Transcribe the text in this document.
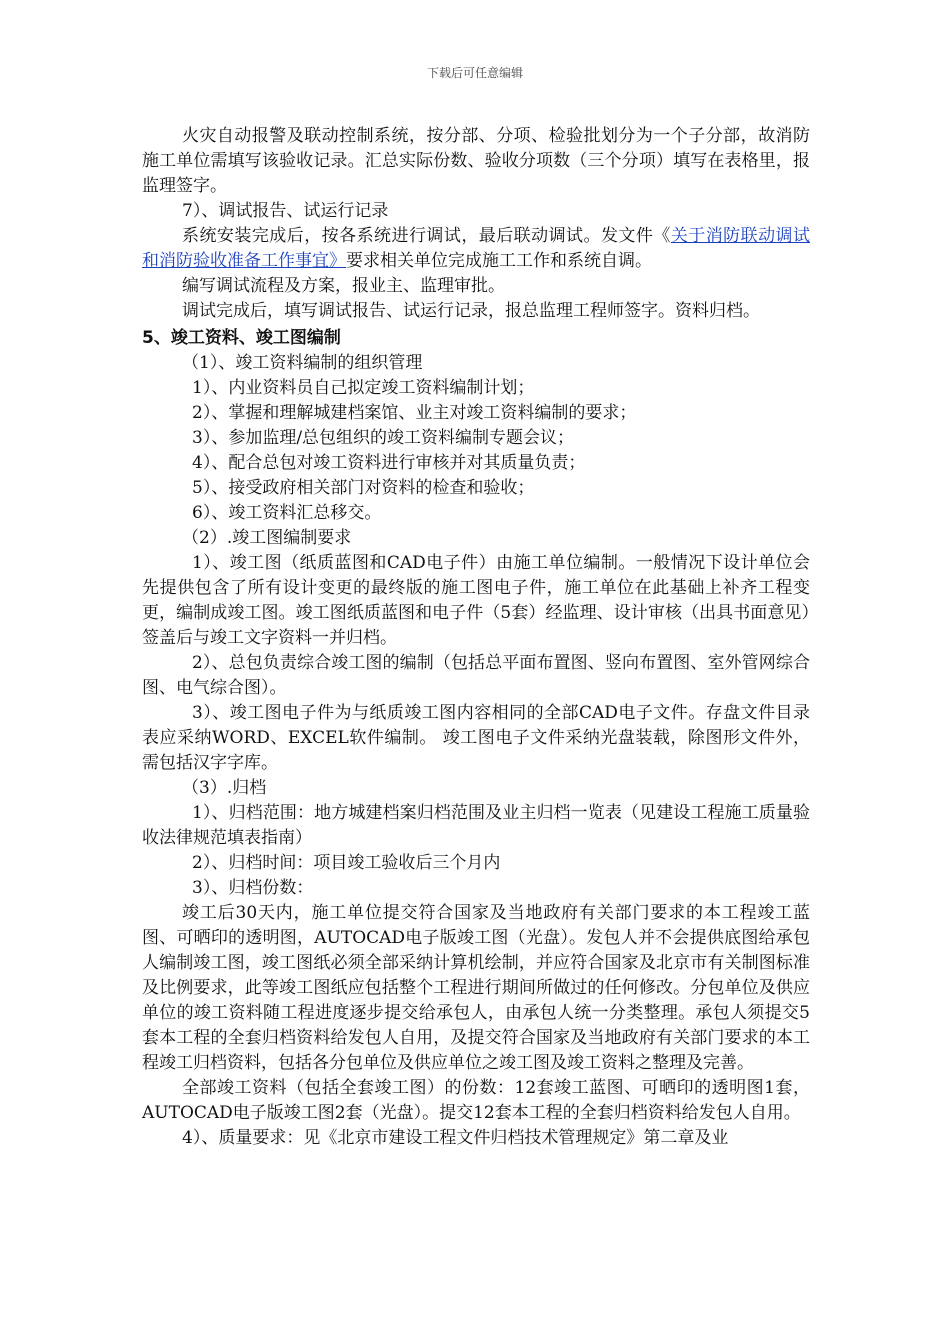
下载后可任意编辑

火灾自动报警及联动控制系统，按分部、分项、检验批划分为一个子分部，故消防施工单位需填写该验收记录。汇总实际份数、验收分项数（三个分项）填写在表格里，报监理签字。

7）、调试报告、试运行记录

系统安装完成后，按各系统进行调试，最后联动调试。发文件《关于消防联动调试和消防验收准备工作事宜》要求相关单位完成施工工作和系统自调。

编写调试流程及方案，报业主、监理审批。

调试完成后，填写调试报告、试运行记录，报总监理工程师签字。资料归档。

5、竣工资料、竣工图编制

（1）、竣工资料编制的组织管理

1）、内业资料员自己拟定竣工资料编制计划；

2）、掌握和理解城建档案馆、业主对竣工资料编制的要求；

3）、参加监理/总包组织的竣工资料编制专题会议；

4）、配合总包对竣工资料进行审核并对其质量负责；

5）、接受政府相关部门对资料的检查和验收；

6）、竣工资料汇总移交。

（2）.竣工图编制要求

1）、竣工图（纸质蓝图和CAD电子件）由施工单位编制。一般情况下设计单位会先提供包含了所有设计变更的最终版的施工图电子件，施工单位在此基础上补齐工程变更，编制成竣工图。竣工图纸质蓝图和电子件（5套）经监理、设计审核（出具书面意见）签盖后与竣工文字资料一并归档。

2）、总包负责综合竣工图的编制（包括总平面布置图、竖向布置图、室外管网综合图、电气综合图）。

3）、竣工图电子件为与纸质竣工图内容相同的全部CAD电子文件。存盘文件目录表应采纳WORD、EXCEL软件编制。 竣工图电子文件采纳光盘装载，除图形文件外，需包括汉字字库。

（3）.归档

1）、归档范围：地方城建档案归档范围及业主归档一览表（见建设工程施工质量验收法律规范填表指南）

2）、归档时间：项目竣工验收后三个月内

3）、归档份数：

竣工后30天内，施工单位提交符合国家及当地政府有关部门要求的本工程竣工蓝图、可晒印的透明图，AUTOCAD电子版竣工图（光盘）。发包人并不会提供底图给承包人编制竣工图，竣工图纸必须全部采纳计算机绘制，并应符合国家及北京市有关制图标准及比例要求，此等竣工图纸应包括整个工程进行期间所做过的任何修改。分包单位及供应单位的竣工资料随工程进度逐步提交给承包人，由承包人统一分类整理。承包人须提交5套本工程的全套归档资料给发包人自用，及提交符合国家及当地政府有关部门要求的本工程竣工归档资料，包括各分包单位及供应单位之竣工图及竣工资料之整理及完善。

全部竣工资料（包括全套竣工图）的份数：12套竣工蓝图、可晒印的透明图1套，AUTOCAD电子版竣工图2套（光盘）。提交12套本工程的全套归档资料给发包人自用。

4）、质量要求：见《北京市建设工程文件归档技术管理规定》第二章及业
